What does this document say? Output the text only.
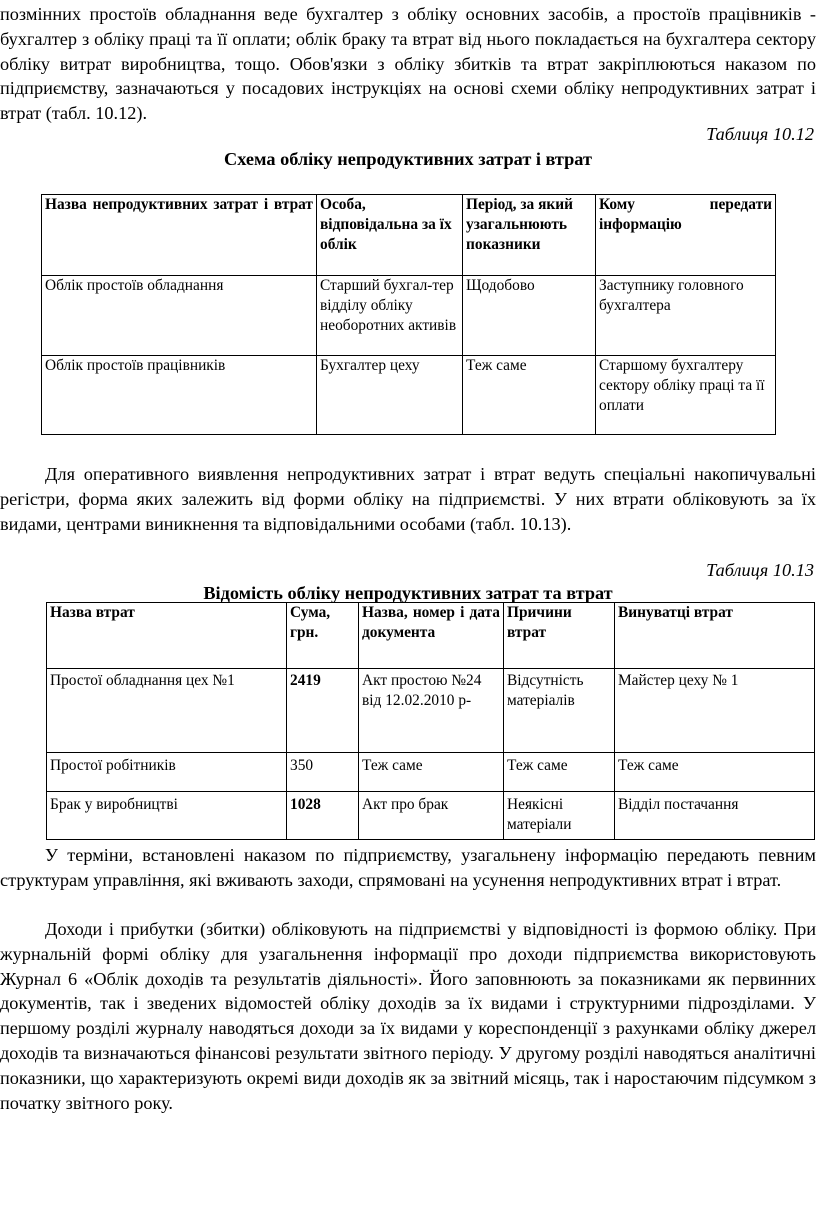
позмінних простоїв обладнання веде бухгалтер з обліку основних засобів, а простоїв працівників - бухгалтер з обліку праці та її оплати; облік браку та втрат від нього покладається на бухгалтера сектору обліку витрат виробництва, тощо. Обов'язки з обліку збитків та втрат закріплюються наказом по підприємству, зазначаються у посадових інструкціях на основі схеми обліку непродуктивних затрат і втрат (табл. 10.12).

Таблиця 10.12

Схема обліку непродуктивних затрат і втрат

Назва непродуктивних затрат і втрат	Особа, відповідальна за їх облік	Період, за який узагальнюють показники	Кому передати інформацію
Облік простоїв обладнання	Старший бухгал-тер відділу обліку необоротних активів	Щодобово	Заступнику головного бухгалтера
Облік простоїв працівників	Бухгалтер цеху	Теж саме	Старшому бухгалтеру сектору обліку праці та її оплати

Для оперативного виявлення непродуктивних затрат і втрат ведуть спеціальні накопичувальні регістри, форма яких залежить від форми обліку на підприємстві. У них втрати обліковують за їх видами, центрами виникнення та відповідальними особами (табл. 10.13).

Таблиця 10.13

Відомість обліку непродуктивних затрат та втрат

Назва втрат	Сума, грн.	Назва, номер і дата документа	Причини втрат	Винуватці втрат
Простої обладнання цех №1	2419	Акт простою №24 від 12.02.2010 р-	Відсутність матеріалів	Майстер цеху № 1
Простої робітників	350	Теж саме	Теж саме	Теж саме
Брак у виробництві	1028	Акт про брак	Неякісні матеріали	Відділ постачання

У терміни, встановлені наказом по підприємству, узагальнену інформацію передають певним структурам управління, які вживають заходи, спрямовані на усунення непродуктивних втрат і втрат.

Доходи і прибутки (збитки) обліковують на підприємстві у відповідності із формою обліку. При журнальній формі обліку для узагальнення інформації про доходи підприємства використовують Журнал 6 «Облік доходів та результатів діяльності». Його заповнюють за показниками як первинних документів, так і зведених відомостей обліку доходів за їх видами і структурними підрозділами. У першому розділі журналу наводяться доходи за їх видами у кореспонденції з рахунками обліку джерел доходів та визначаються фінансові результати звітного періоду. У другому розділі наводяться аналітичні показники, що характеризують окремі види доходів як за звітний місяць, так і наростаючим підсумком з початку звітного року.
